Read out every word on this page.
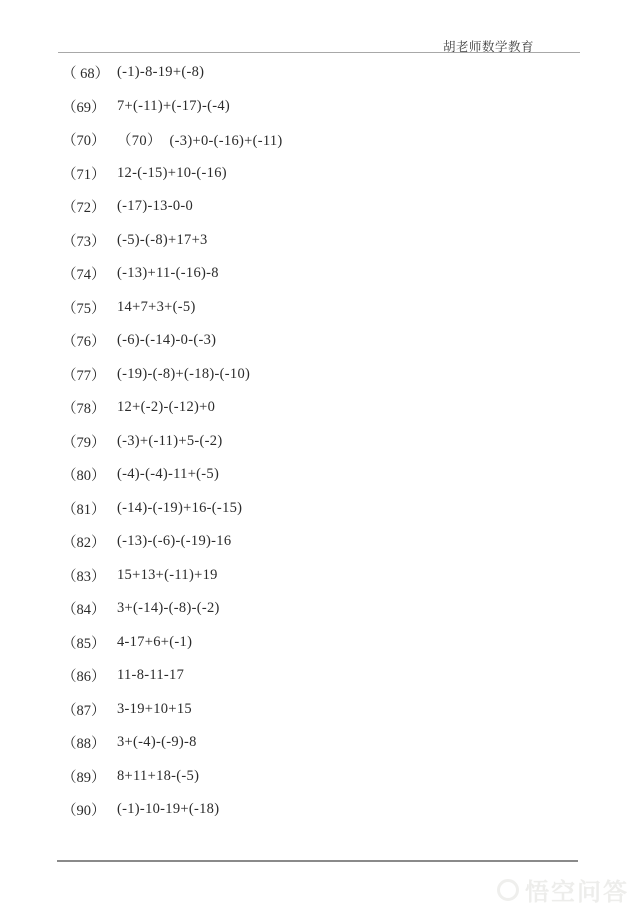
胡老师数学教育
（ 68） (-1)-8-19+(-8)
（69） 7+(-11)+(-17)-(-4)
（70） （70）  (-3)+0-(-16)+(-11)
（71） 12-(-15)+10-(-16)
（72） (-17)-13-0-0
（73） (-5)-(-8)+17+3
（74） (-13)+11-(-16)-8
（75） 14+7+3+(-5)
（76） (-6)-(-14)-0-(-3)
（77） (-19)-(-8)+(-18)-(-10)
（78） 12+(-2)-(-12)+0
（79） (-3)+(-11)+5-(-2)
（80） (-4)-(-4)-11+(-5)
（81） (-14)-(-19)+16-(-15)
（82） (-13)-(-6)-(-19)-16
（83） 15+13+(-11)+19
（84） 3+(-14)-(-8)-(-2)
（85） 4-17+6+(-1)
（86） 11-8-11-17
（87） 3-19+10+15
（88） 3+(-4)-(-9)-8
（89） 8+11+18-(-5)
（90） (-1)-10-19+(-18)
悟空问答
